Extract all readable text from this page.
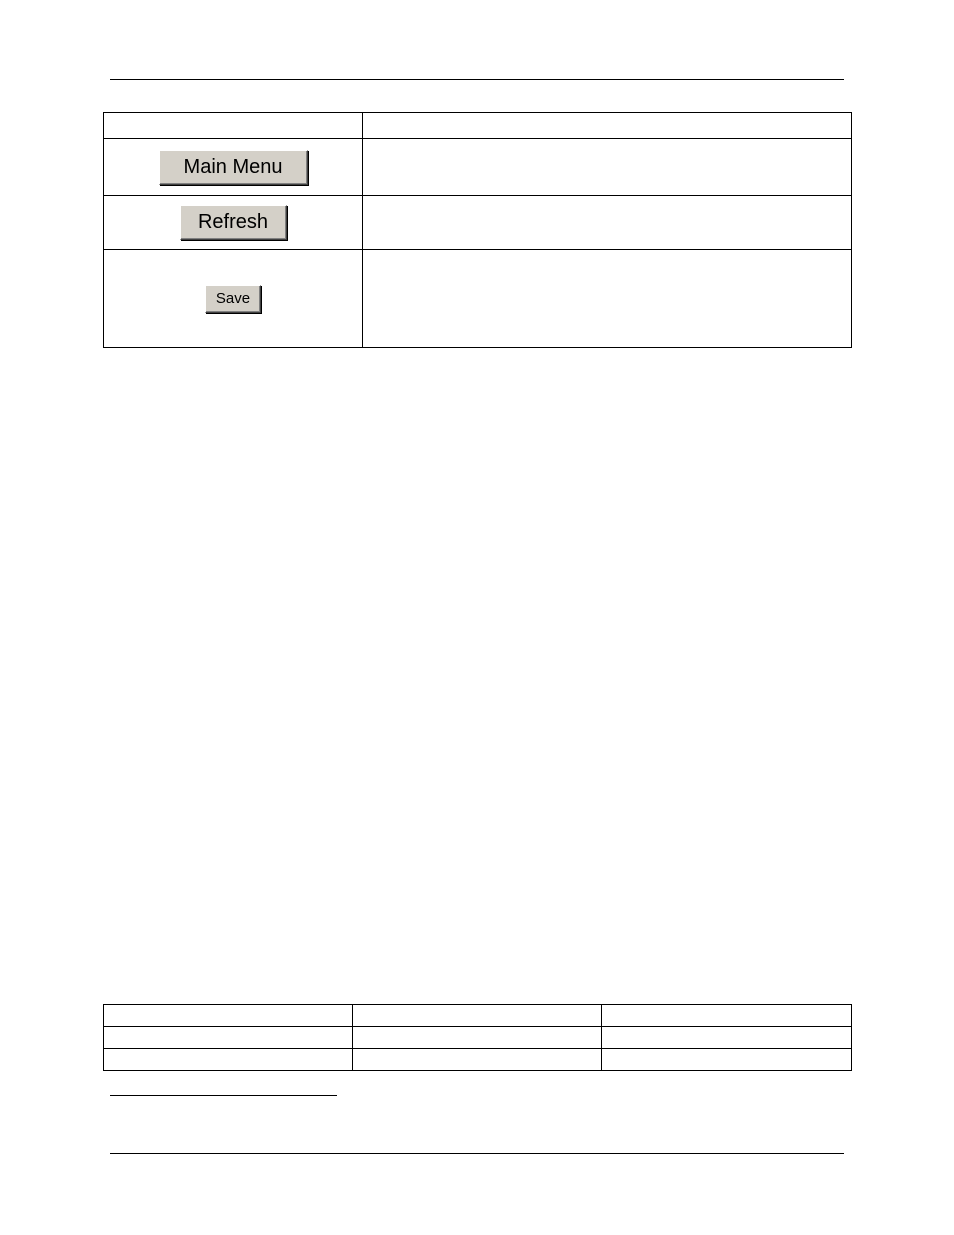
Main Menu	
Refresh	
Save	
